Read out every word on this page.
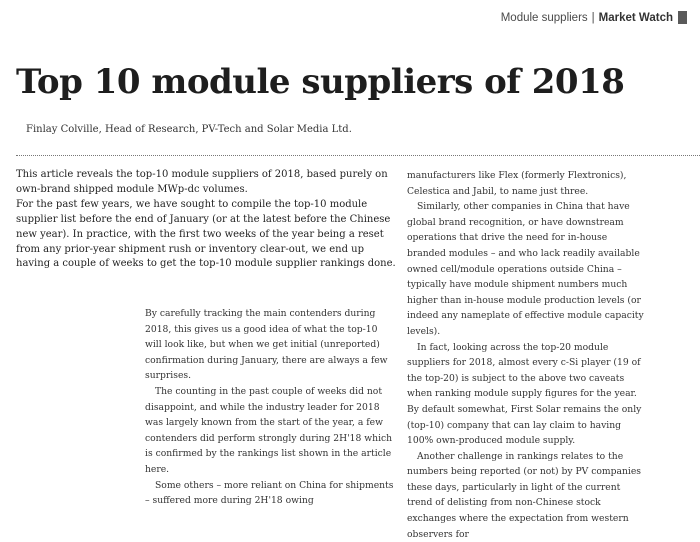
Module suppliers | Market Watch
Top 10 module suppliers of 2018
Finlay Colville, Head of Research, PV-Tech and Solar Media Ltd.

This article reveals the top-10 module suppliers of 2018, based purely on own-brand shipped module MWp-dc volumes.

For the past few years, we have sought to compile the top-10 module supplier list before the end of January (or at the latest before the Chinese new year). In practice, with the first two weeks of the year being a reset from any prior-year shipment rush or inventory clear-out, we end up having a couple of weeks to get the top-10 module supplier rankings done.

By carefully tracking the main contenders during 2018, this gives us a good idea of what the top-10 will look like, but when we get initial (unreported) confirmation during January, there are always a few surprises.

The counting in the past couple of weeks did not disappoint, and while the industry leader for 2018 was largely known from the start of the year, a few contenders did perform strongly during 2H'18 which is confirmed by the rankings list shown in the article here.

Some others – more reliant on China for shipments – suffered more during 2H'18 owing

manufacturers like Flex (formerly Flextronics), Celestica and Jabil, to name just three.

Similarly, other companies in China that have global brand recognition, or have downstream operations that drive the need for in-house branded modules – and who lack readily available owned cell/module operations outside China – typically have module shipment numbers much higher than in-house module production levels (or indeed any nameplate of effective module capacity levels).

In fact, looking across the top-20 module suppliers for 2018, almost every c-Si player (19 of the top-20) is subject to the above two caveats when ranking module supply figures for the year. By default somewhat, First Solar remains the only (top-10) company that can lay claim to having 100% own-produced module supply.

Another challenge in rankings relates to the numbers being reported (or not) by PV companies these days, particularly in light of the current trend of delisting from non-Chinese stock exchanges where the expectation from western observers for
